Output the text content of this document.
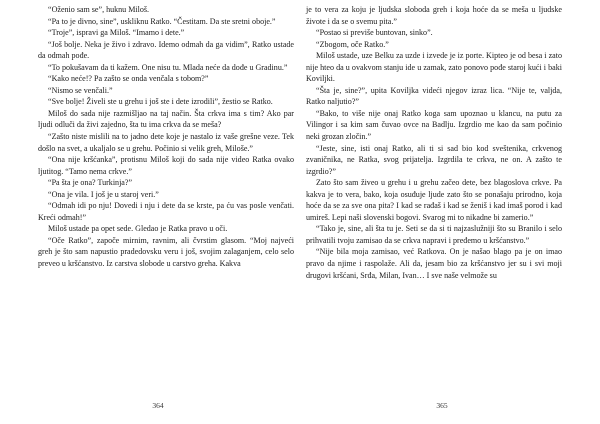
“Oženio sam se”, huknu Miloš.

“Pa to je divno, sine”, uskliknu Ratko. “Čestitam. Da ste sretni oboje.”

“Troje”, ispravi ga Miloš. “Imamo i dete.”

“Još bolje. Neka je živo i zdravo. Idemo odmah da ga vidim”, Ratko ustade da odmah pođe.

“To pokušavam da ti kažem. One nisu tu. Mlada neće da dođe u Gradinu.”

“Kako neće!? Pa zašto se onda venčala s tobom?”

“Nismo se venčali.”

“Sve bolje! Živeli ste u grehu i još ste i dete izrodili”, žestio se Ratko.

Miloš do sada nije razmišljao na taj način. Šta crkva ima s tim? Ako par ljudi odluči da živi zajedno, šta tu ima crkva da se meša?

“Zašto niste mislili na to jadno dete koje je nastalo iz vaše grešne veze. Tek došlo na svet, a ukaljalo se u grehu. Počinio si velik greh, Miloše.”

“Ona nije kršćanka”, protisnu Miloš koji do sada nije video Ratka ovako ljutitog. “Tamo nema crkve.”

“Pa šta je ona? Turkinja?”

“Ona je vila. I još je u staroj veri.”

“Odmah idi po nju! Dovedi i nju i dete da se krste, pa ću vas posle venčati. Kreći odmah!”

Miloš ustade pa opet sede. Gledao je Ratka pravo u oči.

“Oče Ratko”, započe mirnim, ravnim, ali čvrstim glasom. “Moj najveći greh je što sam napustio pradedovsku veru i još, svojim zalaganjem, celo selo preveo u kršćanstvo. Iz carstva slobode u carstvo greha. Kakva

364

je to vera za koju je ljudska sloboda greh i koja hoće da se meša u ljudske živote i da se o svemu pita.”

“Postao si previše buntovan, sinko”.

“Zbogom, oče Ratko.”

Miloš ustade, uze Belku za uzde i izvede je iz porte. Kipteo je od besa i zato nije hteo da u ovakvom stanju ide u zamak, zato ponovo pođe staroj kući i baki Koviljki.

“Šta je, sine?”, upita Koviljka videći njegov izraz lica. “Nije te, valjda, Ratko naljutio?”

“Bako, to više nije onaj Ratko koga sam upoznao u klancu, na putu za Vilingor i sa kim sam čuvao ovce na Badlju. Izgrdio me kao da sam počinio neki grozan zločin.”

“Jeste, sine, isti onaj Ratko, ali ti si sad bio kod sveštenika, crkvenog zvaničnika, ne Ratka, svog prijatelja. Izgrdila te crkva, ne on. A zašto te izgrdio?”

Zato što sam živeo u grehu i u grehu začeo dete, bez blagoslova crkve. Pa kakva je to vera, bako, koja osuđuje ljude zato što se ponašaju prirodno, koja hoće da se za sve ona pita? I kad se rađaš i kad se ženiš i kad imaš porod i kad umireš. Lepi naši slovenski bogovi. Svarog mi to nikadne bi zamerio.”

“Tako je, sine, ali šta tu je. Seti se da si ti najzaslužniji što su Branilo i selo prihvatili tvoju zamisao da se crkva napravi i pređemo u kršćanstvo.”

“Nije bila moja zamisao, već Ratkova. On je našao blago pa je on imao pravo da njime i raspolaže. Ali da, jesam bio za kršćanstvo jer su i svi moji drugovi kršćani, Srđa, Milan, Ivan… I sve naše velmože su

365
